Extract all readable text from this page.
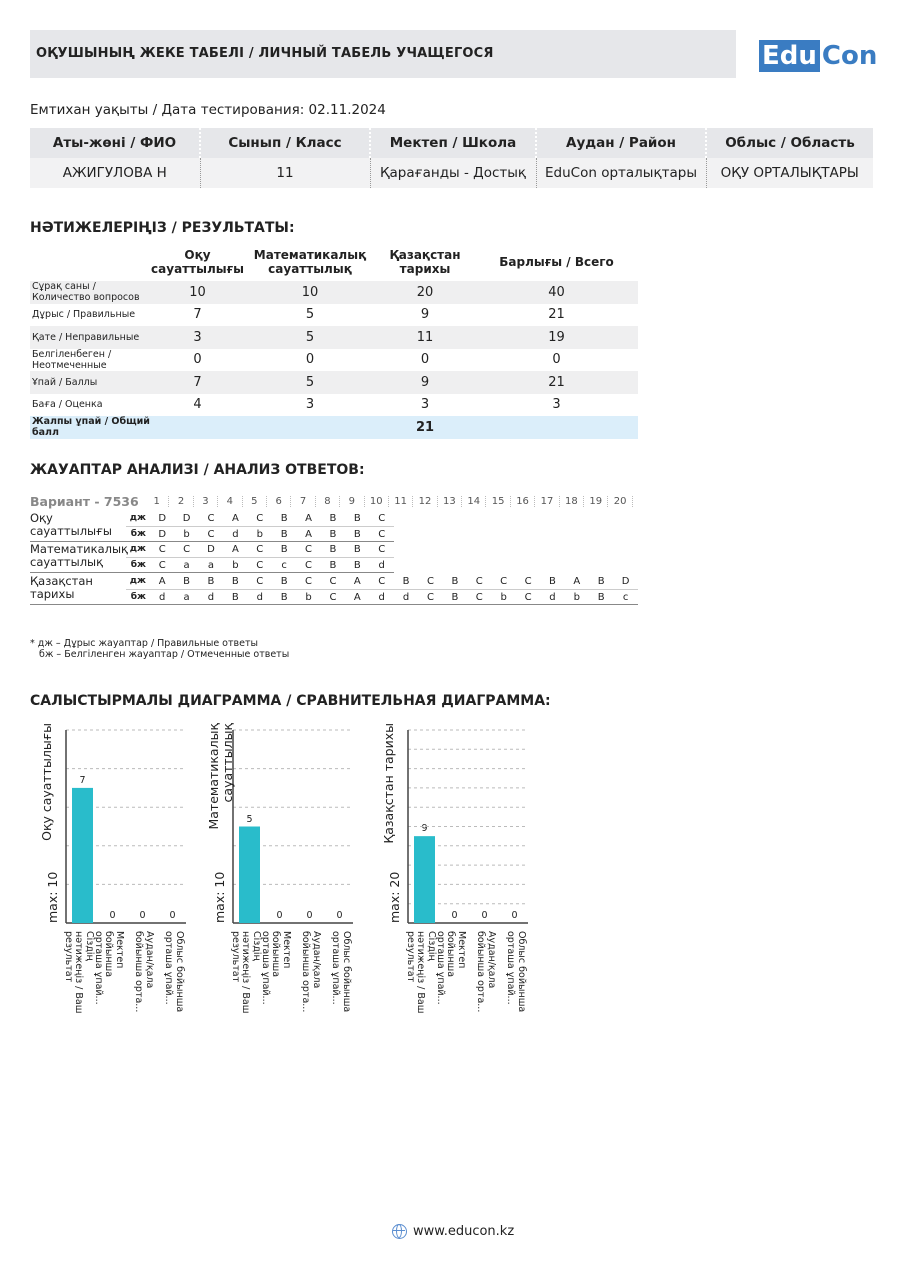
ОҚУШЫНЫҢ ЖЕКЕ ТАБЕЛІ / ЛИЧНЫЙ ТАБЕЛЬ УЧАЩЕГОСЯ	Edu Con
Емтихан уақыты / Дата тестирования: 02.11.2024
Аты-жөні / ФИО	Сынып / Класс	Мектеп / Школа	Аудан / Район	Облыс / Область
АЖИГУЛОВА Н	11	Қарағанды - Достық	EduCon орталықтары	ОҚУ ОРТАЛЫҚТАРЫ
НӘТИЖЕЛЕРІҢІЗ / РЕЗУЛЬТАТЫ:
	Оқу сауаттылығы	Математикалық сауаттылық	Қазақстан тарихы	Барлығы / Всего
Сұрақ саны / Количество вопросов	10	10	20	40
Дұрыс / Правильные	7	5	9	21
Қате / Неправильные	3	5	11	19
Белгіленбеген / Неотмеченные	0	0	0	0
Ұпай / Баллы	7	5	9	21
Баға / Оценка	4	3	3	3
Жалпы ұпай / Общий балл			21	
ЖАУАПТАР АНАЛИЗІ / АНАЛИЗ ОТВЕТОВ:
Вариант - 7536	1	2	3	4	5	6	7	8	9	10	11	12	13	14	15	16	17	18	19	20
Оқу сауаттылығы
дж	D	D	C	A	C	B	A	B	B	C
бж	D	b	C	d	b	B	A	B	B	C
Математикалық сауаттылық
дж	C	C	D	A	C	B	C	B	B	C
бж	C	a	a	b	C	c	C	B	B	d
Қазақстан тарихы
дж	A	B	B	B	C	B	C	C	A	C	B	C	B	C	C	C	B	A	B	D
бж	d	a	d	B	d	B	b	C	A	d	d	C	B	C	b	C	d	b	B	c
* дж – Дұрыс жауаптар / Правильные ответы
бж – Белгіленген жауаптар / Отмеченные ответы
САЛЫСТЫРМАЛЫ ДИАГРАММА / СРАВНИТЕЛЬНАЯ ДИАГРАММА:
7
Сіздің нәтижеңіз / Ваш результат
0
Мектеп бойынша орташа ұпай...
0
Аудан/қала бойынша орта...
0
Облыс бойынша орташа ұпай...
Оқу сауаттылығы
max: 10
5
Сіздің нәтижеңіз / Ваш результат
0
Мектеп бойынша орташа ұпай...
0
Аудан/қала бойынша орта...
0
Облыс бойынша орташа ұпай...
Математикалық сауаттылық
max: 10
9
Сіздің нәтижеңіз / Ваш результат
0
Мектеп бойынша орташа ұпай...
0
Аудан/қала бойынша орта...
0
Облыс бойынша орташа ұпай...
Қазақстан тарихы
max: 20
www.educon.kz
